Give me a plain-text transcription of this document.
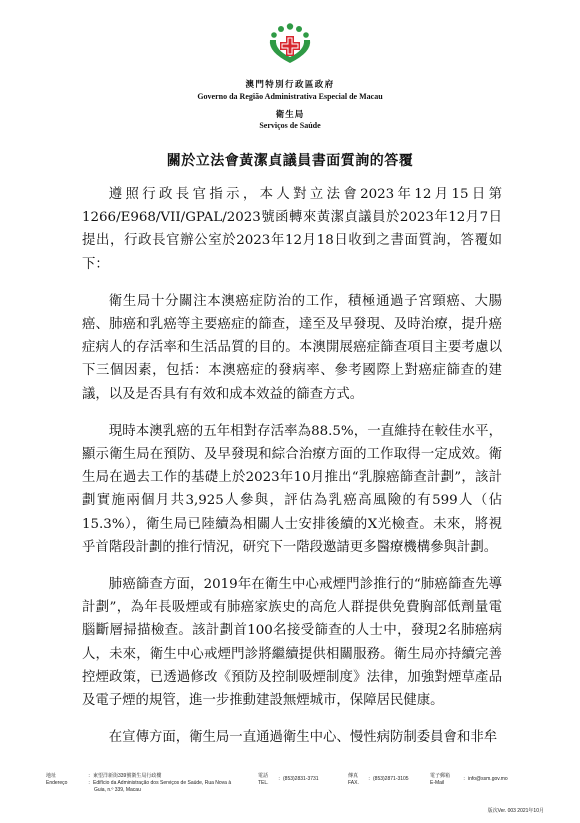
澳門特別行政區政府
Governo da Região Administrativa Especial de Macau
衛生局
Serviços de Saúde
關於立法會黃潔貞議員書面質詢的答覆

遵照行政長官指示，本人對立法會2023年12月15日第1266/E968/VII/GPAL/2023號函轉來黃潔貞議員於2023年12月7日提出，行政長官辦公室於2023年12月18日收到之書面質詢，答覆如下：

衛生局十分關注本澳癌症防治的工作，積極通過子宮頸癌、大腸癌、肺癌和乳癌等主要癌症的篩查，達至及早發現、及時治療，提升癌症病人的存活率和生活品質的目的。本澳開展癌症篩查項目主要考慮以下三個因素，包括：本澳癌症的發病率、參考國際上對癌症篩查的建議，以及是否具有有效和成本效益的篩查方式。

現時本澳乳癌的五年相對存活率為88.5%，一直維持在較佳水平，顯示衛生局在預防、及早發現和綜合治療方面的工作取得一定成效。衛生局在過去工作的基礎上於2023年10月推出“乳腺癌篩查計劃”，該計劃實施兩個月共3,925人參與，評估為乳癌高風險的有599人（佔15.3%），衛生局已陸續為相關人士安排後續的X光檢查。未來，將視乎首階段計劃的推行情況，研究下一階段邀請更多醫療機構參與計劃。

肺癌篩查方面，2019年在衛生中心戒煙門診推行的“肺癌篩查先導計劃”，為年長吸煙或有肺癌家族史的高危人群提供免費胸部低劑量電腦斷層掃描檢查。該計劃首100名接受篩查的人士中，發現2名肺癌病人，未來，衛生中心戒煙門診將繼續提供相關服務。衛生局亦持續完善控煙政策，已透過修改《預防及控制吸煙制度》法律，加強對煙草產品及電子煙的規管，進一步推動建設無煙城市，保障居民健康。

在宣傳方面，衛生局一直通過衛生中心、慢性病防制委員會和非牟

地址
Endereço
：東望洋新街339號衛生局行政樓
：Edifício da Administração dos Serviços de Saúde, Rua Nova à
Guia, n.º 339, Macau
電話
TEL.
：(853)2831-3731	傳真
FAX.
：(853)2871-3105	電子郵箱
E-Mail
：info@ssm.gov.mo
版次Ver. 003 2021年10月
